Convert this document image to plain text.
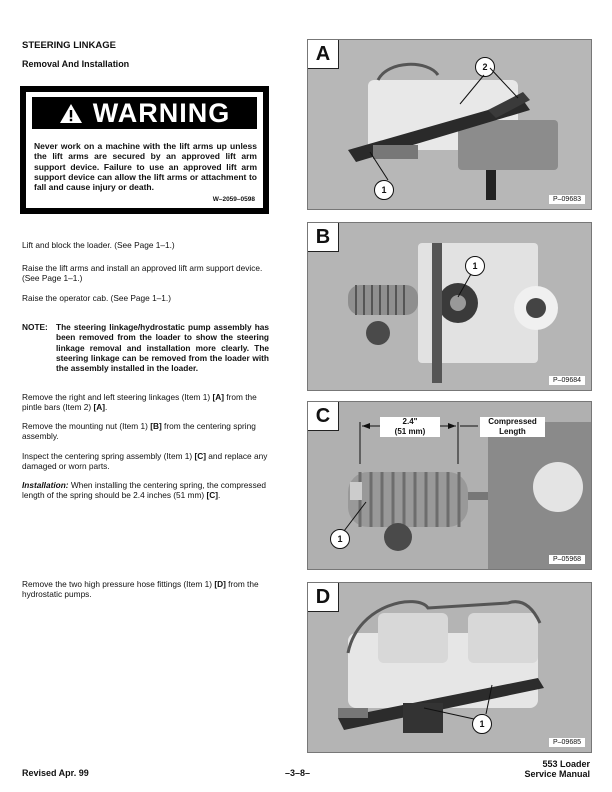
STEERING LINKAGE
Removal And Installation
WARNING
Never work on a machine with the lift arms up unless the lift arms are secured by an approved lift arm support device. Failure to use an approved lift arm support device can allow the lift arms or attachment to fall and cause injury or death.
W–2059–0598
Lift and block the loader. (See Page 1–1.)
Raise the lift arms and install an approved lift arm support device. (See Page 1–1.)
Raise the operator cab. (See Page 1–1.)
NOTE: The steering linkage/hydrostatic pump assembly has been removed from the loader to show the steering linkage removal and installation more clearly. The steering linkage can be removed from the loader with the assembly installed in the loader.
Remove the right and left steering linkages (Item 1) [A] from the pintle bars (Item 2) [A].
Remove the mounting nut (Item 1) [B] from the centering spring assembly.
Inspect the centering spring assembly (Item 1) [C] and replace any damaged or worn parts.
Installation: When installing the centering spring, the compressed length of the spring should be 2.4 inches (51 mm) [C].
Remove the two high pressure hose fittings (Item 1) [D] from the hydrostatic pumps.
A
1
2
P–09683
B
1
P–09684
C	2.4"
(51 mm)
Compressed
Length
1
P–05968
D
1
P–09685
Revised Apr. 99	–3–8–
553 Loader
Service Manual
